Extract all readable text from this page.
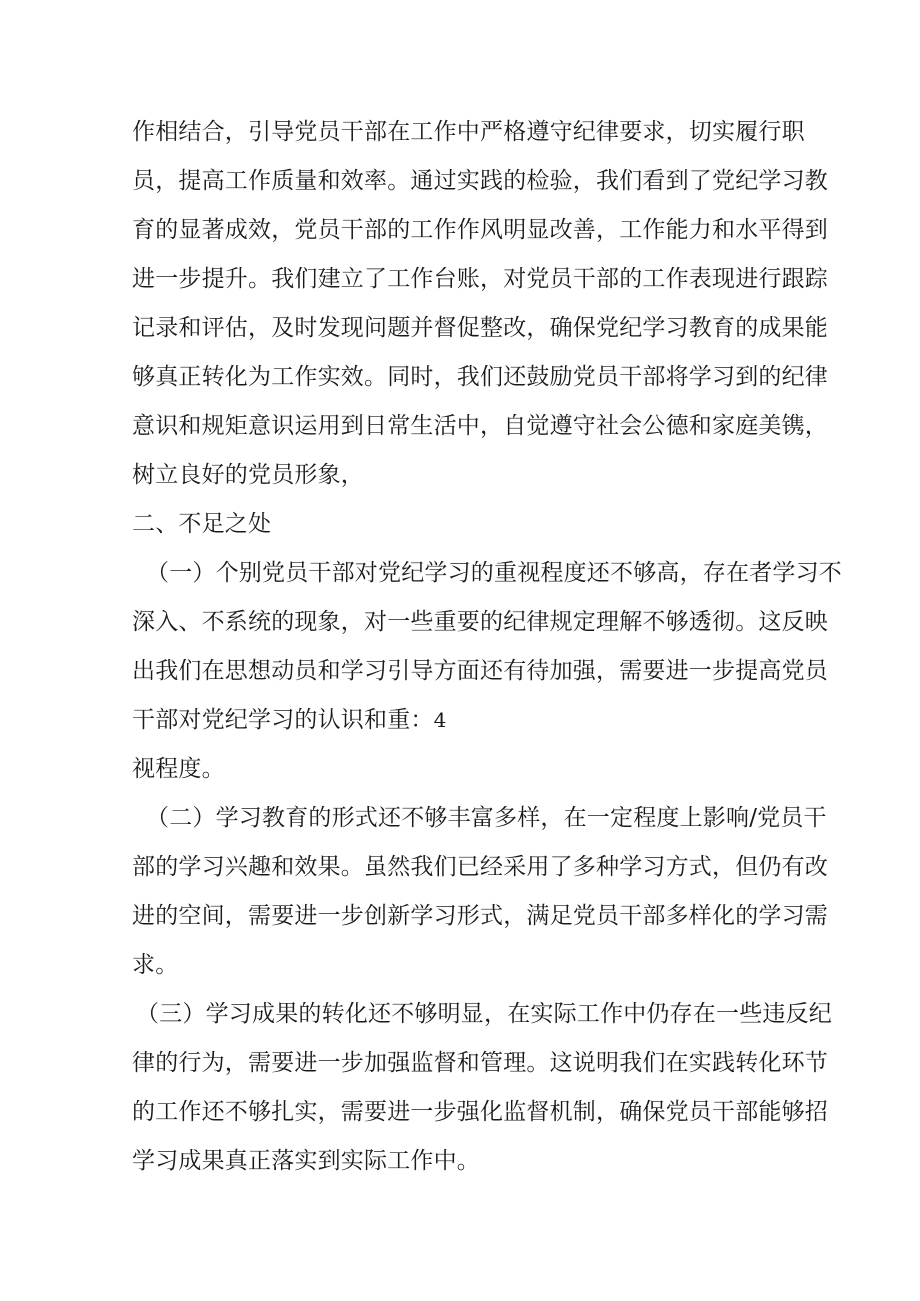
作相结合，引导党员干部在工作中严格遵守纪律要求，切实履行职
员，提高工作质量和效率。通过实践的检验，我们看到了党纪学习教
育的显著成效，党员干部的工作作风明显改善，工作能力和水平得到
进一步提升。我们建立了工作台账，对党员干部的工作表现进行跟踪
记录和评估，及时发现问题并督促整改，确保党纪学习教育的成果能
够真正转化为工作实效。同时，我们还鼓励党员干部将学习到的纪律
意识和规矩意识运用到日常生活中，自觉遵守社会公德和家庭美镌，
树立良好的党员形象，
二、不足之处
（一）个别党员干部对党纪学习的重视程度还不够高，存在者学习不
深入、不系统的现象，对一些重要的纪律规定理解不够透彻。这反映
出我们在思想动员和学习引导方面还有待加强，需要进一步提高党员
干部对党纪学习的认识和重：4
视程度。
（二）学习教育的形式还不够丰富多样，在一定程度上影响/党员干
部的学习兴趣和效果。虽然我们已经采用了多种学习方式，但仍有改
进的空间，需要进一步创新学习形式，满足党员干部多样化的学习需
求。
（三）学习成果的转化还不够明显，在实际工作中仍存在一些违反纪
律的行为，需要进一步加强监督和管理。这说明我们在实践转化环节
的工作还不够扎实，需要进一步强化监督机制，确保党员干部能够招
学习成果真正落实到实际工作中。
